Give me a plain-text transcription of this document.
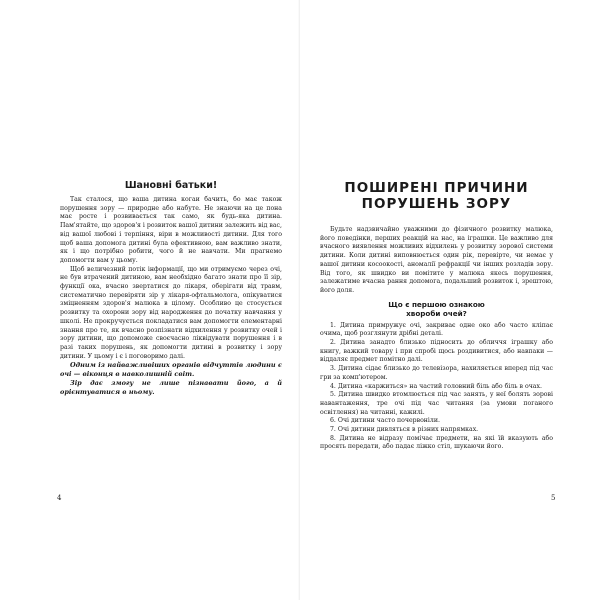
Шановні батьки!

Так сталося, що ваша дитина когаи бачить, бо має також порушення зору — природне або набуте. Не знаючи на це пона має росте і розвивається так само, як будь-яка дитина. Пам'ятайте, що здоров'я і розвиток вашої дитини залежить від вас, від вашої любові і терпіння, віри в можливості дитини. Для того щоб ваша допомога дитині була ефективною, вам важливо знати, як і що потрібно робити, чого й не навчати. Ми прагнемо допомогти вам у цьому.

Щоб величезний потік інформації, що ми отримуємо через очі, не був втрачений дитиною, вам необхідно багато знати про її зір, функції ока, вчасно звертатися до лікаря, оберігати від травм, систематично перевіряти зір у лікаря-офтальмолога, опікуватися зміцненням здоров'я малюка в цілому. Особливо це стосується розвитку та охорони зору від народження до початку навчання у школі. Не прокручується покладатися вам допомогти елементарні знання про те, як вчасно розпізнати відхилення у розвитку очей і зору дитини, що допоможе своєчасно ліквідувати порушення і в разі таких порушень, як допомогти дитині в розвитку і зору дитини. У цьому і є і поговоримо далі.

Одним із найважливіших органів відчуттів людини є очі — віконця в навколишній світ.

Зір дає змогу не лише пізнавати його, а й орієнтуватися в ньому.

4
ПОШИРЕНІ ПРИЧИНИ
ПОРУШЕНЬ ЗОРУ

Будьте надзвичайно уважними до фізичного розвитку малюка, його поведінки, перших реакцій на нас, на іграшки. Це важливо для вчасного виявлення можливих відхилень у розвитку зорової системи дитини. Коли дитині виповнюється один рік, перевірте, чи немає у вашої дитини косоокості, аномалії рефракції чи інших розладів зору. Від того, як швидко ви помітите у малюка якесь порушення, залежатиме вчасна рання допомога, подальший розвиток і, зрештою, його доля.

Що є першою ознакою
хвороби очей?

1. Дитина примружує очі, закриває одне око або часто кліпає очима, щоб розглянути дрібні деталі.

2. Дитина занадто близько підносить до обличчя іграшку або книгу, важкий товару і при спробі щось роздивитися, або навпаки — віддаляє предмет помітно далі.

3. Дитина сідає близько до телевізора, нахиляється вперед під час гри за комп'ютером.

4. Дитина «каржиться» на частий головний біль або біль в очах.

5. Дитина швидко втомлюється під час занять, у неї болять зорові навантаження, тре очі під час читання (за умови поганого освітлення) на читанні, кажилі.

6. Очі дитини часто почервоніли.

7. Очі дитини дивляться в різних напрямках.

8. Дитина не відразу помічає предмети, на які їй вказують або просять передати, або падає ліжко стіл, шукаючи його.

5
